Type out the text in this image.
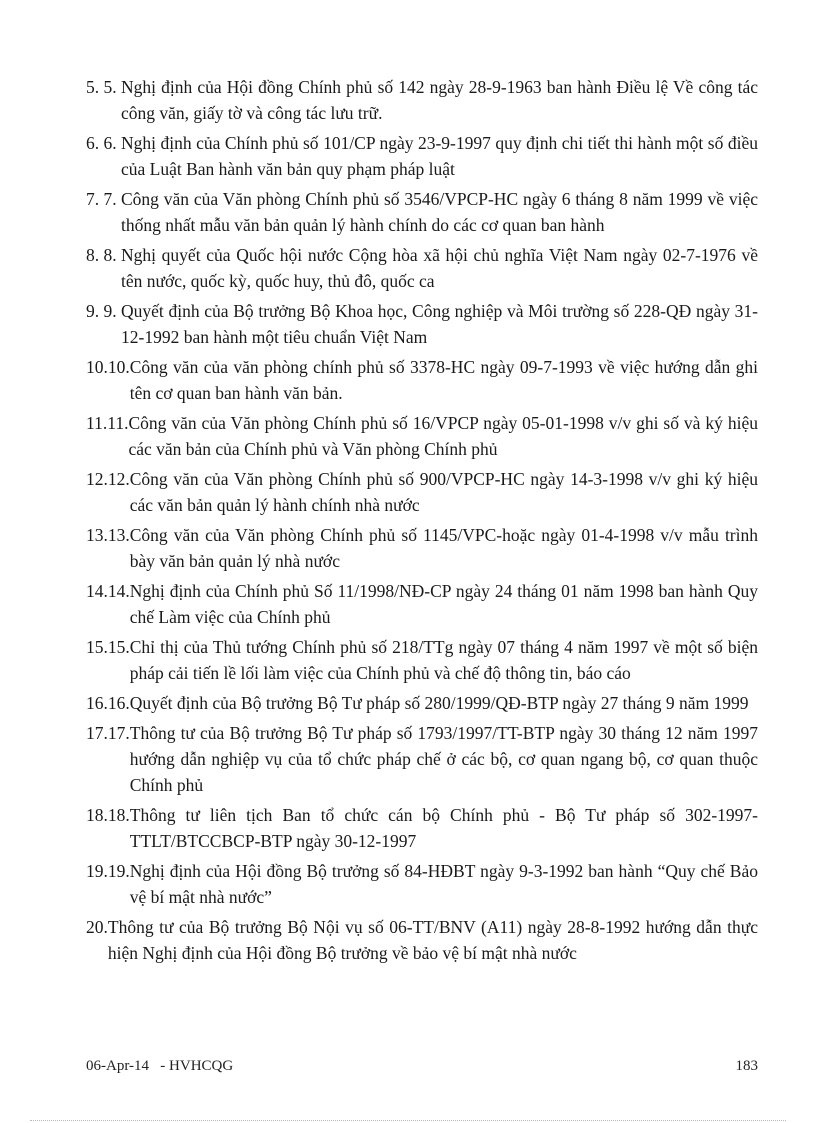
5. 5. Nghị định của Hội đồng Chính phủ số 142 ngày 28-9-1963 ban hành Điều lệ Về công tác công văn, giấy tờ và công tác lưu trữ.
6. 6. Nghị định của Chính phủ số 101/CP ngày 23-9-1997 quy định chi tiết thi hành một số điều của Luật Ban hành văn bản quy phạm pháp luật
7. 7. Công văn của Văn phòng Chính phủ số 3546/VPCP-HC ngày 6 tháng 8 năm 1999 về việc thống nhất mẫu văn bản quản lý hành chính do các cơ quan ban hành
8. 8. Nghị quyết của Quốc hội nước Cộng hòa xã hội chủ nghĩa Việt Nam ngày 02-7-1976 về tên nước, quốc kỳ, quốc huy, thủ đô, quốc ca
9. 9. Quyết định của Bộ trưởng Bộ Khoa học, Công nghiệp và Môi trường số 228-QĐ ngày 31-12-1992 ban hành một tiêu chuẩn Việt Nam
10.10. Công văn của văn phòng chính phủ số 3378-HC ngày 09-7-1993 về việc hướng dẫn ghi tên cơ quan ban hành văn bản.
11.11. Công văn của Văn phòng Chính phủ số 16/VPCP ngày 05-01-1998 v/v ghi số và ký hiệu các văn bản của Chính phủ và Văn phòng Chính phủ
12.12. Công văn của Văn phòng Chính phủ số 900/VPCP-HC ngày 14-3-1998 v/v ghi ký hiệu các văn bản quản lý hành chính nhà nước
13.13. Công văn của Văn phòng Chính phủ số 1145/VPC-hoặc ngày 01-4-1998 v/v mẫu trình bày văn bản quản lý nhà nước
14.14. Nghị định của Chính phủ Số 11/1998/NĐ-CP ngày 24 tháng 01 năm 1998 ban hành Quy chế Làm việc của Chính phủ
15.15. Chỉ thị của Thủ tướng Chính phủ số 218/TTg ngày 07 tháng 4 năm 1997 về một số biện pháp cải tiến lề lối làm việc của Chính phủ và chế độ thông tin, báo cáo
16.16. Quyết định của Bộ trưởng Bộ Tư pháp số 280/1999/QĐ-BTP ngày 27 tháng 9 năm 1999
17.17. Thông tư của Bộ trưởng Bộ Tư pháp số 1793/1997/TT-BTP ngày 30 tháng 12 năm 1997 hướng dẫn nghiệp vụ của tổ chức pháp chế ở các bộ, cơ quan ngang bộ, cơ quan thuộc Chính phủ
18.18. Thông tư liên tịch Ban tổ chức cán bộ Chính phủ - Bộ Tư pháp số 302-1997-TTLT/BTCCBCP-BTP ngày 30-12-1997
19.19. Nghị định của Hội đồng Bộ trưởng số 84-HĐBT ngày 9-3-1992 ban hành “Quy chế Bảo vệ bí mật nhà nước”
20. Thông tư của Bộ trưởng Bộ Nội vụ số 06-TT/BNV (A11) ngày 28-8-1992 hướng dẫn thực hiện Nghị định của Hội đồng Bộ trưởng về bảo vệ bí mật nhà nước
06-Apr-14 - HVHCQG	183
